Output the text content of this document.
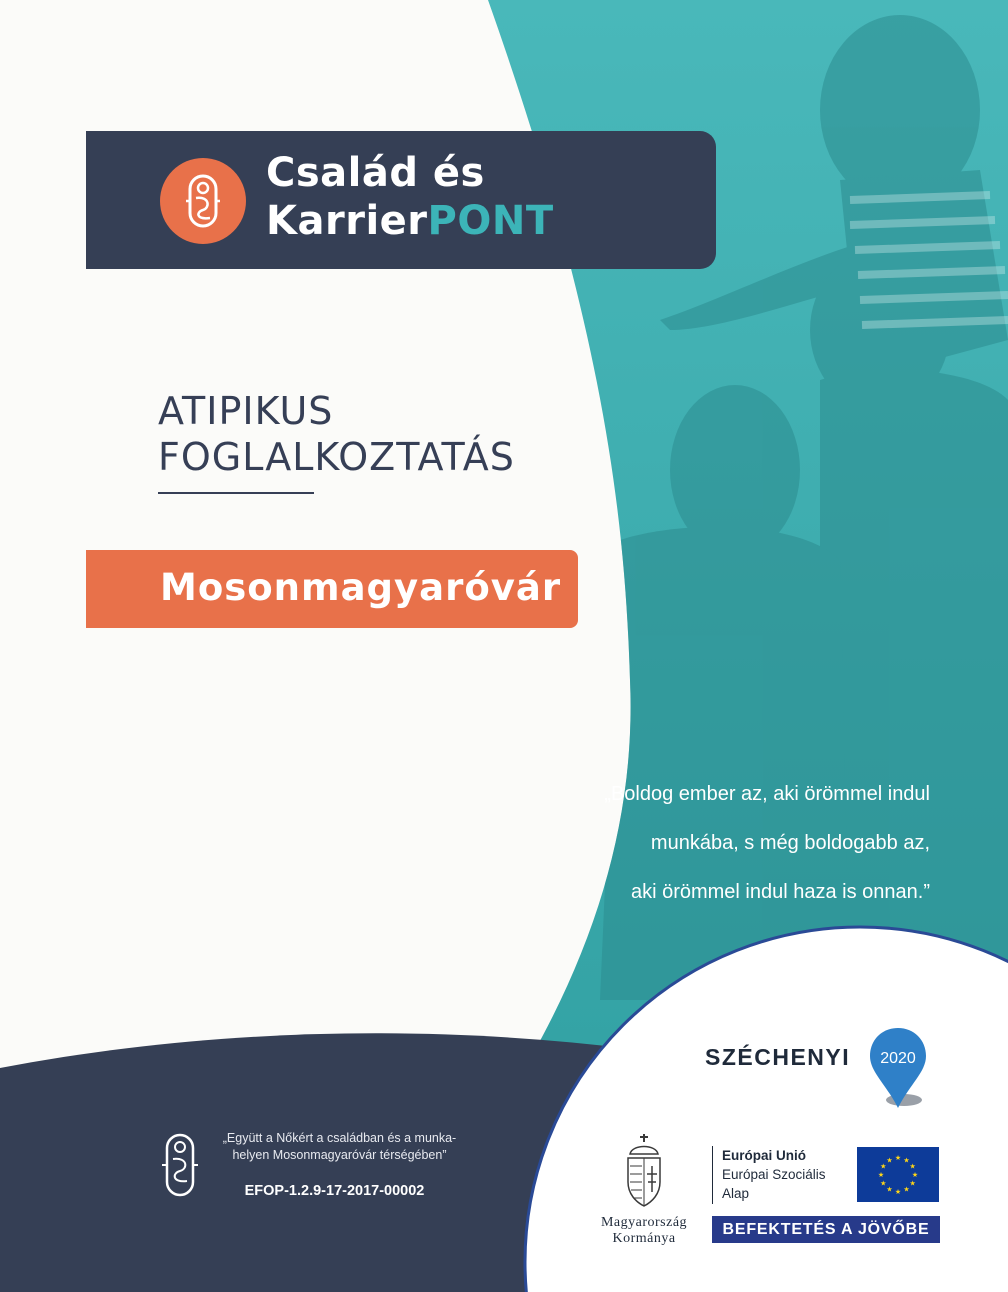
Család és
KarrierPONT
ATIPIKUS
FOGLALKOZTATÁS
Mosonmagyaróvár
„Boldog ember az, aki örömmel indul
munkába, s még boldogabb az,
aki örömmel indul haza is onnan.”
„Együtt a Nőkért a családban és a munka-
helyen Mosonmagyaróvár térségében”
EFOP-1.2.9-17-2017-00002
SZÉCHENYI 2020
Magyarország
Kormánya
Európai Unió
Európai Szociális
Alap
★ ★
★
★
★
★
★
★
★
★
★
★
BEFEKTETÉS A JÖVŐBE
